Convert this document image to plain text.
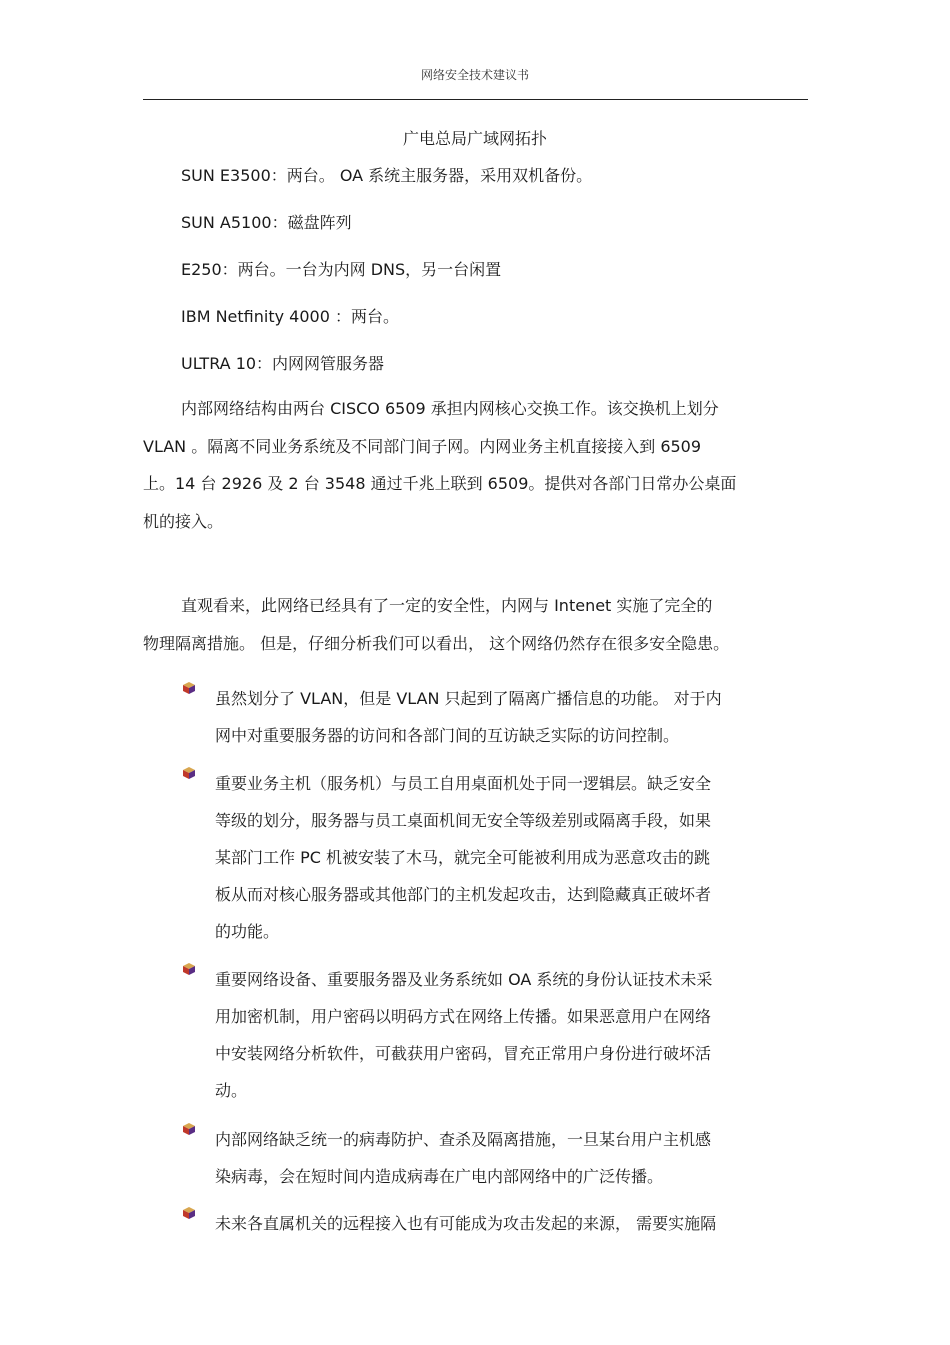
网络安全技术建议书
广电总局广域网拓扑
SUN E3500：两台。 OA 系统主服务器，采用双机备份。
SUN A5100：磁盘阵列
E250：两台。一台为内网 DNS，另一台闲置
IBM Netfinity 4000 ：两台。
ULTRA 10：内网网管服务器
内部网络结构由两台 CISCO 6509 承担内网核心交换工作。该交换机上划分
VLAN 。隔离不同业务系统及不同部门间子网。内网业务主机直接接入到 6509
上。14 台 2926 及 2 台 3548 通过千兆上联到 6509。提供对各部门日常办公桌面
机的接入。
直观看来，此网络已经具有了一定的安全性，内网与 Intenet 实施了完全的
物理隔离措施。 但是，仔细分析我们可以看出， 这个网络仍然存在很多安全隐患。
虽然划分了 VLAN，但是 VLAN 只起到了隔离广播信息的功能。 对于内
网中对重要服务器的访问和各部门间的互访缺乏实际的访问控制。
重要业务主机（服务机）与员工自用桌面机处于同一逻辑层。缺乏安全
等级的划分，服务器与员工桌面机间无安全等级差别或隔离手段，如果
某部门工作 PC 机被安装了木马，就完全可能被利用成为恶意攻击的跳
板从而对核心服务器或其他部门的主机发起攻击，达到隐藏真正破坏者
的功能。
重要网络设备、重要服务器及业务系统如 OA 系统的身份认证技术未采
用加密机制，用户密码以明码方式在网络上传播。如果恶意用户在网络
中安装网络分析软件，可截获用户密码，冒充正常用户身份进行破坏活
动。
内部网络缺乏统一的病毒防护、查杀及隔离措施，一旦某台用户主机感
染病毒，会在短时间内造成病毒在广电内部网络中的广泛传播。
未来各直属机关的远程接入也有可能成为攻击发起的来源， 需要实施隔
